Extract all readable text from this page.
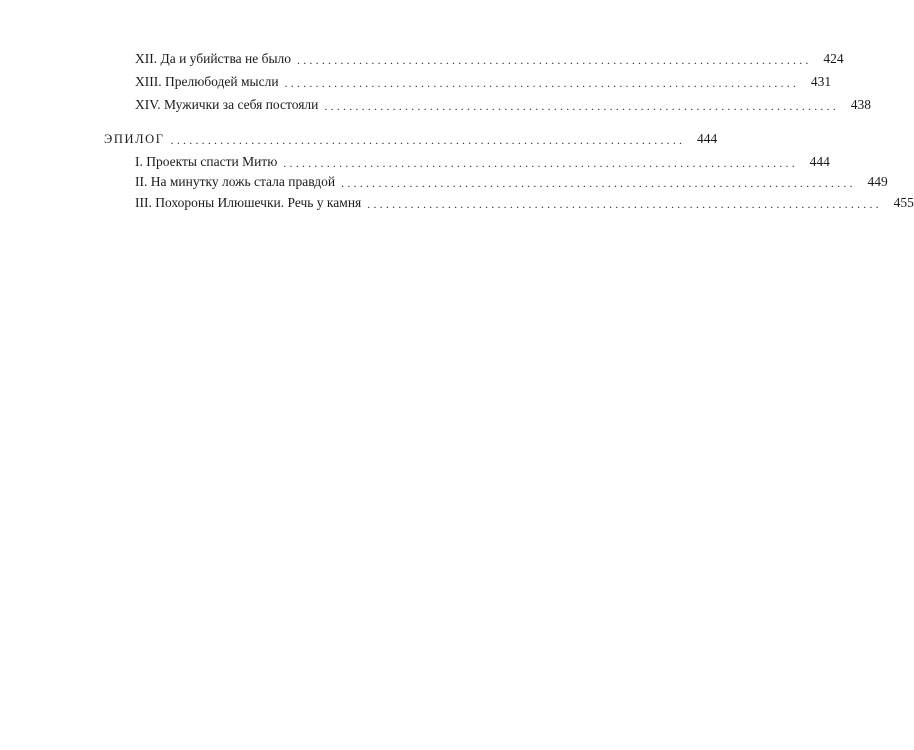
XII. Да и убийства не было ................................................................................... 424
XIII. Прелюбодей мысли ................................................................................... 431
XIV. Мужички за себя постояли ................................................................................... 438
ЭПИЛОГ ................................................................................... 444
I. Проекты спасти Митю ................................................................................... 444
II. На минутку ложь стала правдой ................................................................................... 449
III. Похороны Илюшечки. Речь у камня ................................................................................... 455
